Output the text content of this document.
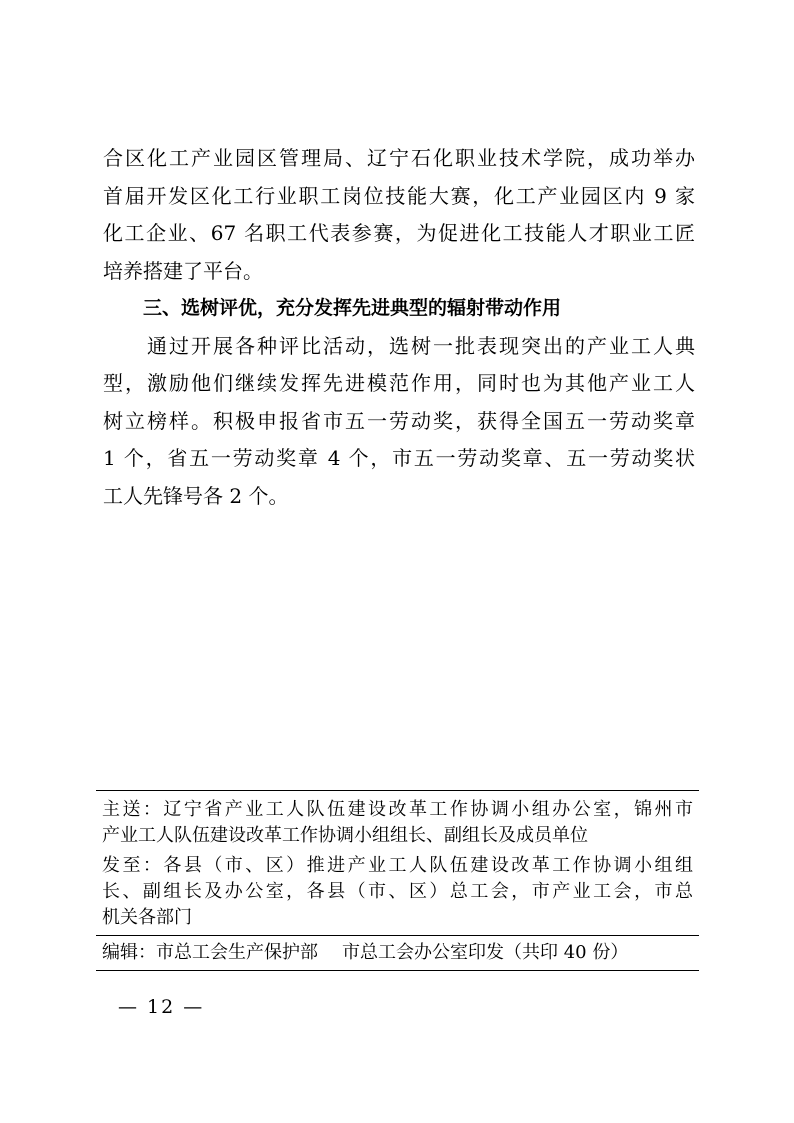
合区化工产业园区管理局、辽宁石化职业技术学院，成功举办
首届开发区化工行业职工岗位技能大赛，化工产业园区内 9 家
化工企业、67 名职工代表参赛，为促进化工技能人才职业工匠
培养搭建了平台。

三、选树评优，充分发挥先进典型的辐射带动作用

通过开展各种评比活动，选树一批表现突出的产业工人典
型，激励他们继续发挥先进模范作用，同时也为其他产业工人
树立榜样。积极申报省市五一劳动奖，获得全国五一劳动奖章
1 个，省五一劳动奖章 4 个，市五一劳动奖章、五一劳动奖状
工人先锋号各 2 个。

主送：辽宁省产业工人队伍建设改革工作协调小组办公室，锦州市
产业工人队伍建设改革工作协调小组组长、副组长及成员单位
发至：各县（市、区）推进产业工人队伍建设改革工作协调小组组
长、副组长及办公室，各县（市、区）总工会，市产业工会，市总
机关各部门
编辑：市总工会生产保护部 市总工会办公室印发（共印 40 份）
— 12 —
